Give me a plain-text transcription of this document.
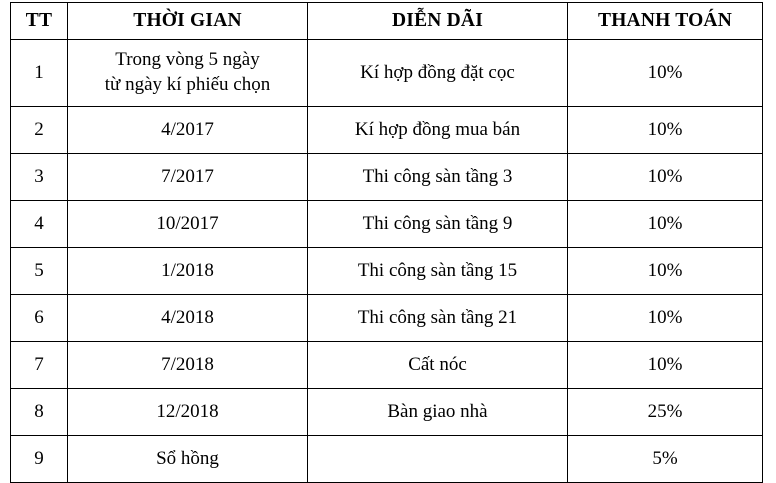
TT	THỜI GIAN	DIỄN DÃI	THANH TOÁN
1	Trong vòng 5 ngày
từ ngày kí phiếu chọn	Kí hợp đồng đặt cọc	10%
2	4/2017	Kí hợp đồng mua bán	10%
3	7/2017	Thi công sàn tầng 3	10%
4	10/2017	Thi công sàn tầng 9	10%
5	1/2018	Thi công sàn tầng 15	10%
6	4/2018	Thi công sàn tầng 21	10%
7	7/2018	Cất nóc	10%
8	12/2018	Bàn giao nhà	25%
9	Sổ hồng		5%
